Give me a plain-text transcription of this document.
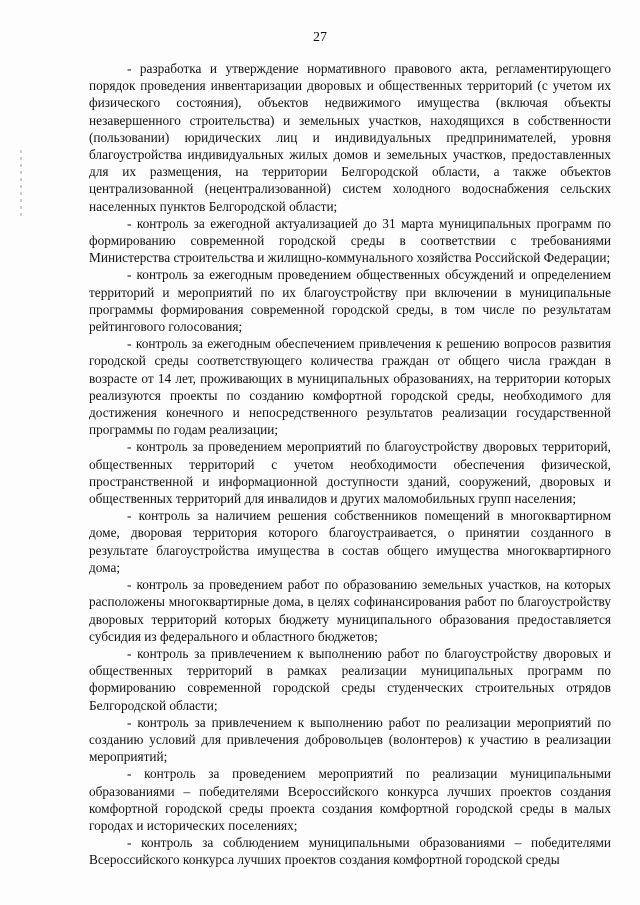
27

- разработка и утверждение нормативного правового акта, регламентирующего порядок проведения инвентаризации дворовых и общественных территорий (с учетом их физического состояния), объектов недвижимого имущества (включая объекты незавершенного строительства) и земельных участков, находящихся в собственности (пользовании) юридических лиц и индивидуальных предпринимателей, уровня благоустройства индивидуальных жилых домов и земельных участков, предоставленных для их размещения, на территории Белгородской области, а также объектов централизованной (нецентрализованной) систем холодного водоснабжения сельских населенных пунктов Белгородской области;

- контроль за ежегодной актуализацией до 31 марта муниципальных программ по формированию современной городской среды в соответствии с требованиями Министерства строительства и жилищно-коммунального хозяйства Российской Федерации;

- контроль за ежегодным проведением общественных обсуждений и определением территорий и мероприятий по их благоустройству при включении в муниципальные программы формирования современной городской среды, в том числе по результатам рейтингового голосования;

- контроль за ежегодным обеспечением привлечения к решению вопросов развития городской среды соответствующего количества граждан от общего числа граждан в возрасте от 14 лет, проживающих в муниципальных образованиях, на территории которых реализуются проекты по созданию комфортной городской среды, необходимого для достижения конечного и непосредственного результатов реализации государственной программы по годам реализации;

- контроль за проведением мероприятий по благоустройству дворовых территорий, общественных территорий с учетом необходимости обеспечения физической, пространственной и информационной доступности зданий, сооружений, дворовых и общественных территорий для инвалидов и других маломобильных групп населения;

- контроль за наличием решения собственников помещений в многоквартирном доме, дворовая территория которого благоустраивается, о принятии созданного в результате благоустройства имущества в состав общего имущества многоквартирного дома;

- контроль за проведением работ по образованию земельных участков, на которых расположены многоквартирные дома, в целях софинансирования работ по благоустройству дворовых территорий которых бюджету муниципального образования предоставляется субсидия из федерального и областного бюджетов;

- контроль за привлечением к выполнению работ по благоустройству дворовых и общественных территорий в рамках реализации муниципальных программ по формированию современной городской среды студенческих строительных отрядов Белгородской области;

- контроль за привлечением к выполнению работ по реализации мероприятий по созданию условий для привлечения добровольцев (волонтеров) к участию в реализации мероприятий;

- контроль за проведением мероприятий по реализации муниципальными образованиями – победителями Всероссийского конкурса лучших проектов создания комфортной городской среды проекта создания комфортной городской среды в малых городах и исторических поселениях;

- контроль за соблюдением муниципальными образованиями – победителями Всероссийского конкурса лучших проектов создания комфортной городской среды
